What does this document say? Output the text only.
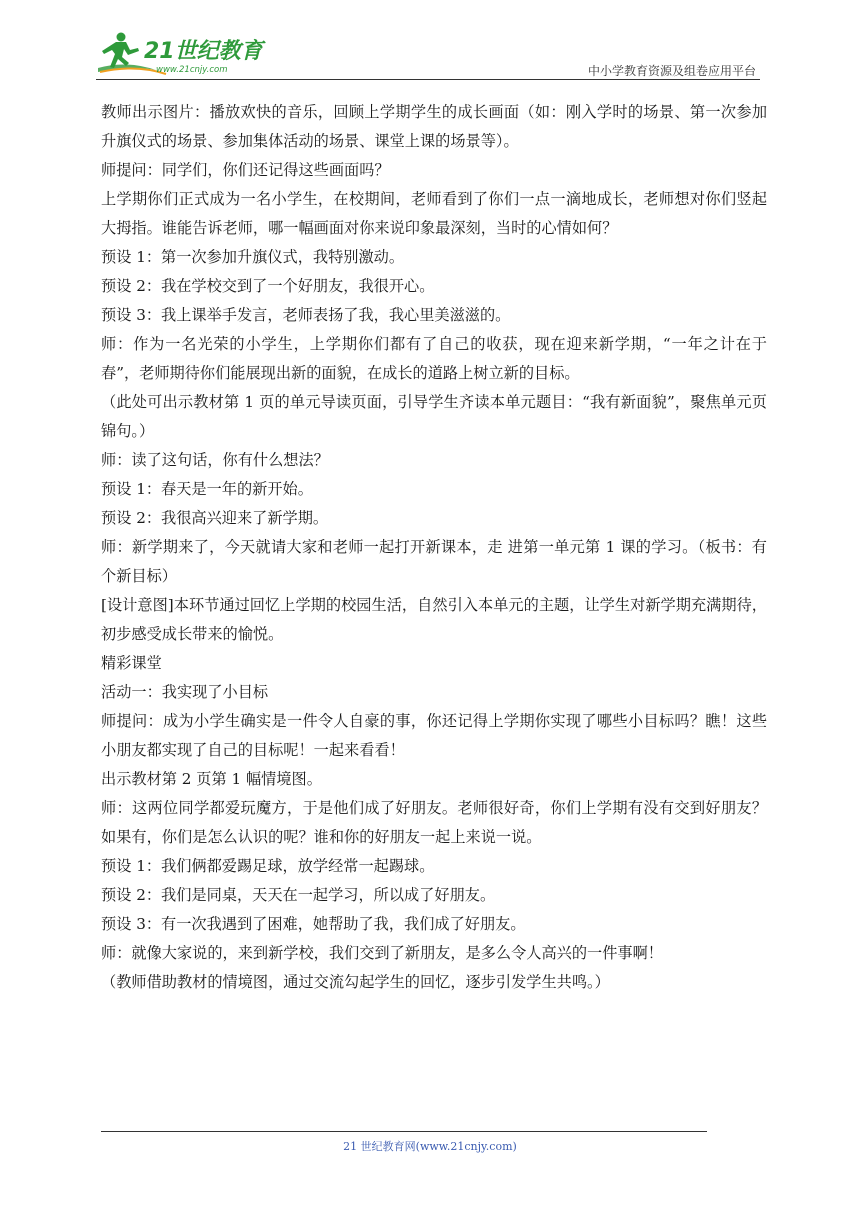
21世纪教育
www.21cnjy.com	中小学教育资源及组卷应用平台

教师出示图片：播放欢快的音乐，回顾上学期学生的成长画面（如：刚入学时的场景、第一次参加升旗仪式的场景、参加集体活动的场景、课堂上课的场景等）。

师提问：同学们，你们还记得这些画面吗？

上学期你们正式成为一名小学生，在校期间，老师看到了你们一点一滴地成长，老师想对你们竖起大拇指。谁能告诉老师，哪一幅画面对你来说印象最深刻，当时的心情如何？

预设 1：第一次参加升旗仪式，我特别激动。

预设 2：我在学校交到了一个好朋友，我很开心。

预设 3：我上课举手发言，老师表扬了我，我心里美滋滋的。

师：作为一名光荣的小学生，上学期你们都有了自己的收获，现在迎来新学期，“一年之计在于春”，老师期待你们能展现出新的面貌，在成长的道路上树立新的目标。

（此处可出示教材第 1 页的单元导读页面，引导学生齐读本单元题目：“我有新面貌”，聚焦单元页锦句。）

师：读了这句话，你有什么想法？

预设 1：春天是一年的新开始。

预设 2：我很高兴迎来了新学期。

师：新学期来了，今天就请大家和老师一起打开新课本，走 进第一单元第 1 课的学习。（板书：有个新目标）

[设计意图]本环节通过回忆上学期的校园生活，自然引入本单元的主题，让学生对新学期充满期待，初步感受成长带来的愉悦。

精彩课堂

活动一：我实现了小目标

师提问：成为小学生确实是一件令人自豪的事，你还记得上学期你实现了哪些小目标吗？瞧！这些小朋友都实现了自己的目标呢！一起来看看！

出示教材第 2 页第 1 幅情境图。

师：这两位同学都爱玩魔方，于是他们成了好朋友。老师很好奇，你们上学期有没有交到好朋友？如果有，你们是怎么认识的呢？谁和你的好朋友一起上来说一说。

预设 1：我们俩都爱踢足球，放学经常一起踢球。

预设 2：我们是同桌，天天在一起学习，所以成了好朋友。

预设 3：有一次我遇到了困难，她帮助了我，我们成了好朋友。

师：就像大家说的，来到新学校，我们交到了新朋友，是多么令人高兴的一件事啊！

（教师借助教材的情境图，通过交流勾起学生的回忆，逐步引发学生共鸣。）

21 世纪教育网(www.21cnjy.com)
